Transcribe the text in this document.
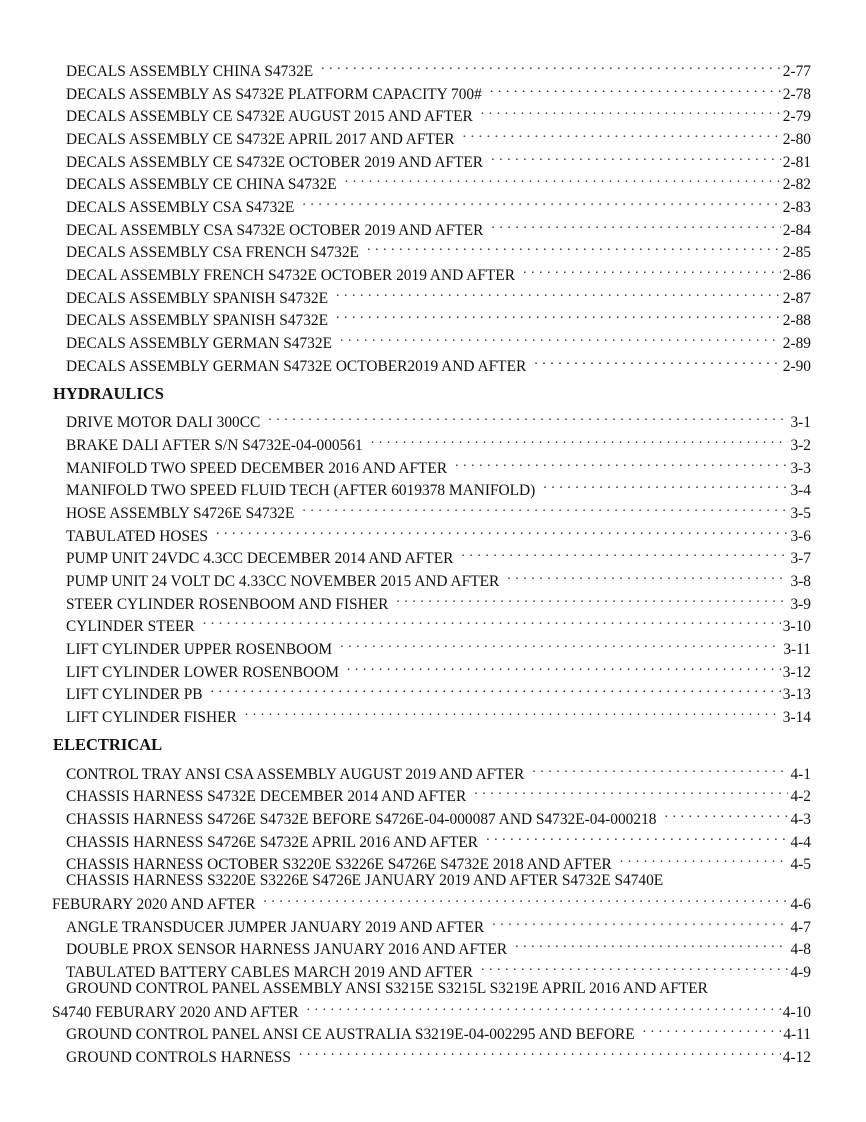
DECALS ASSEMBLY CHINA S4732E . . .	2-77
DECALS ASSEMBLY AS S4732E PLATFORM CAPACITY 700# . . .	2-78
DECALS ASSEMBLY CE S4732E AUGUST 2015 AND AFTER . . .	2-79
DECALS ASSEMBLY CE S4732E APRIL 2017 AND AFTER . . .	2-80
DECALS ASSEMBLY CE S4732E OCTOBER 2019 AND AFTER . . .	2-81
DECALS ASSEMBLY CE CHINA S4732E . . .	2-82
DECALS ASSEMBLY CSA S4732E . . .	2-83
DECAL ASSEMBLY CSA S4732E OCTOBER 2019 AND AFTER . . .	2-84
DECALS ASSEMBLY CSA FRENCH S4732E . . .	2-85
DECAL ASSEMBLY FRENCH S4732E OCTOBER 2019 AND AFTER . . .	2-86
DECALS ASSEMBLY SPANISH S4732E . . .	2-87
DECALS ASSEMBLY SPANISH S4732E . . .	2-88
DECALS ASSEMBLY GERMAN S4732E . . .	2-89
DECALS ASSEMBLY GERMAN S4732E OCTOBER2019 AND AFTER . . .	2-90
HYDRAULICS
DRIVE MOTOR DALI 300CC . . .	3-1
BRAKE DALI AFTER S/N S4732E-04-000561 . . .	3-2
MANIFOLD TWO SPEED DECEMBER 2016 AND AFTER . . .	3-3
MANIFOLD TWO SPEED FLUID TECH (AFTER 6019378 MANIFOLD) . . .	3-4
HOSE ASSEMBLY S4726E S4732E . . .	3-5
TABULATED HOSES . . .	3-6
PUMP UNIT 24VDC 4.3CC DECEMBER 2014 AND AFTER . . .	3-7
PUMP UNIT 24 VOLT DC 4.33CC NOVEMBER 2015 AND AFTER . . .	3-8
STEER CYLINDER ROSENBOOM AND FISHER . . .	3-9
CYLINDER STEER . . .	3-10
LIFT CYLINDER UPPER ROSENBOOM . . .	3-11
LIFT CYLINDER LOWER ROSENBOOM . . .	3-12
LIFT CYLINDER PB . . .	3-13
LIFT CYLINDER FISHER . . .	3-14
ELECTRICAL
CONTROL TRAY ANSI CSA ASSEMBLY AUGUST 2019 AND AFTER . . .	4-1
CHASSIS HARNESS S4732E DECEMBER 2014 AND AFTER . . .	4-2
CHASSIS HARNESS S4726E S4732E BEFORE S4726E-04-000087 AND S4732E-04-000218 . . .	4-3
CHASSIS HARNESS S4726E S4732E APRIL 2016 AND AFTER . . .	4-4
CHASSIS HARNESS OCTOBER S3220E S3226E S4726E S4732E 2018 AND AFTER . . .	4-5
CHASSIS HARNESS S3220E S3226E S4726E JANUARY 2019 AND AFTER S4732E S4740E
FEBURARY 2020 AND AFTER . . .	4-6
ANGLE TRANSDUCER JUMPER JANUARY 2019 AND AFTER . . .	4-7
DOUBLE PROX SENSOR HARNESS JANUARY 2016 AND AFTER . . .	4-8
TABULATED BATTERY CABLES MARCH 2019 AND AFTER . . .	4-9
GROUND CONTROL PANEL ASSEMBLY ANSI S3215E S3215L S3219E APRIL 2016 AND AFTER
S4740 FEBURARY 2020 AND AFTER . . .	4-10
GROUND CONTROL PANEL ANSI CE AUSTRALIA S3219E-04-002295 AND BEFORE . . .	4-11
GROUND CONTROLS HARNESS . . .	4-12
